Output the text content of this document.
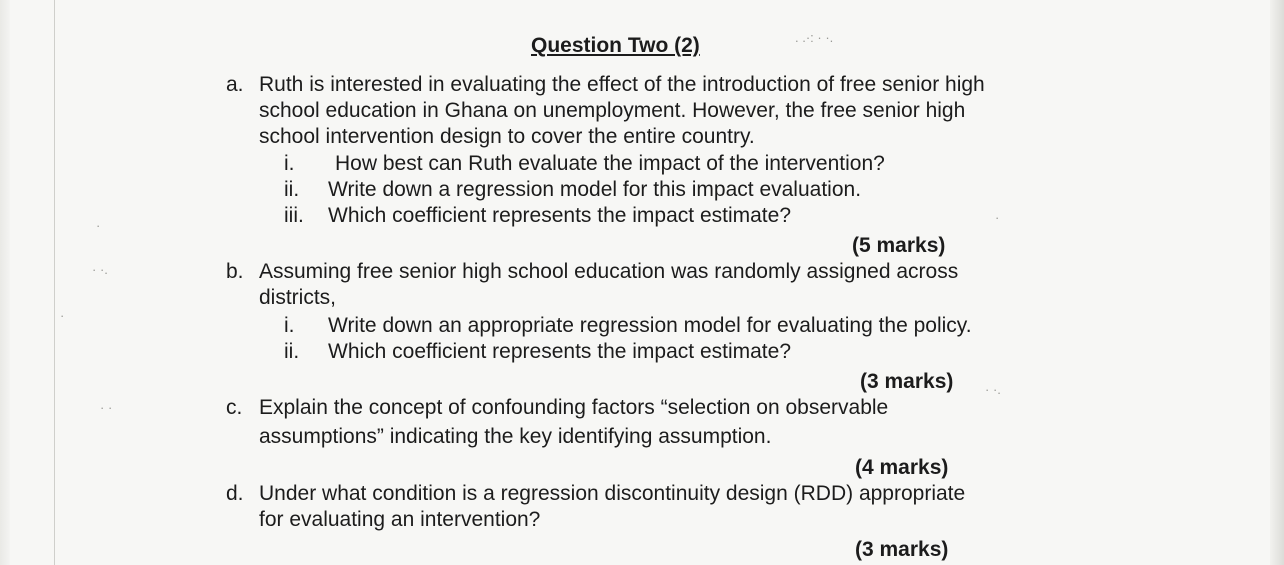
. .·: · ·.
·
· ·.
·
· ·
·
· ·.
Question Two (2)
a. Ruth is interested in evaluating the effect of the introduction of free senior high
school education in Ghana on unemployment. However, the free senior high
school intervention design to cover the entire country.
i. How best can Ruth evaluate the impact of the intervention?
ii. Write down a regression model for this impact evaluation.
iii. Which coefficient represents the impact estimate?
(5 marks)
b. Assuming free senior high school education was randomly assigned across
districts,
i. Write down an appropriate regression model for evaluating the policy.
ii. Which coefficient represents the impact estimate?
(3 marks)
c. Explain the concept of confounding factors “selection on observable
assumptions” indicating the key identifying assumption.
(4 marks)
d. Under what condition is a regression discontinuity design (RDD) appropriate
for evaluating an intervention?
(3 marks)
